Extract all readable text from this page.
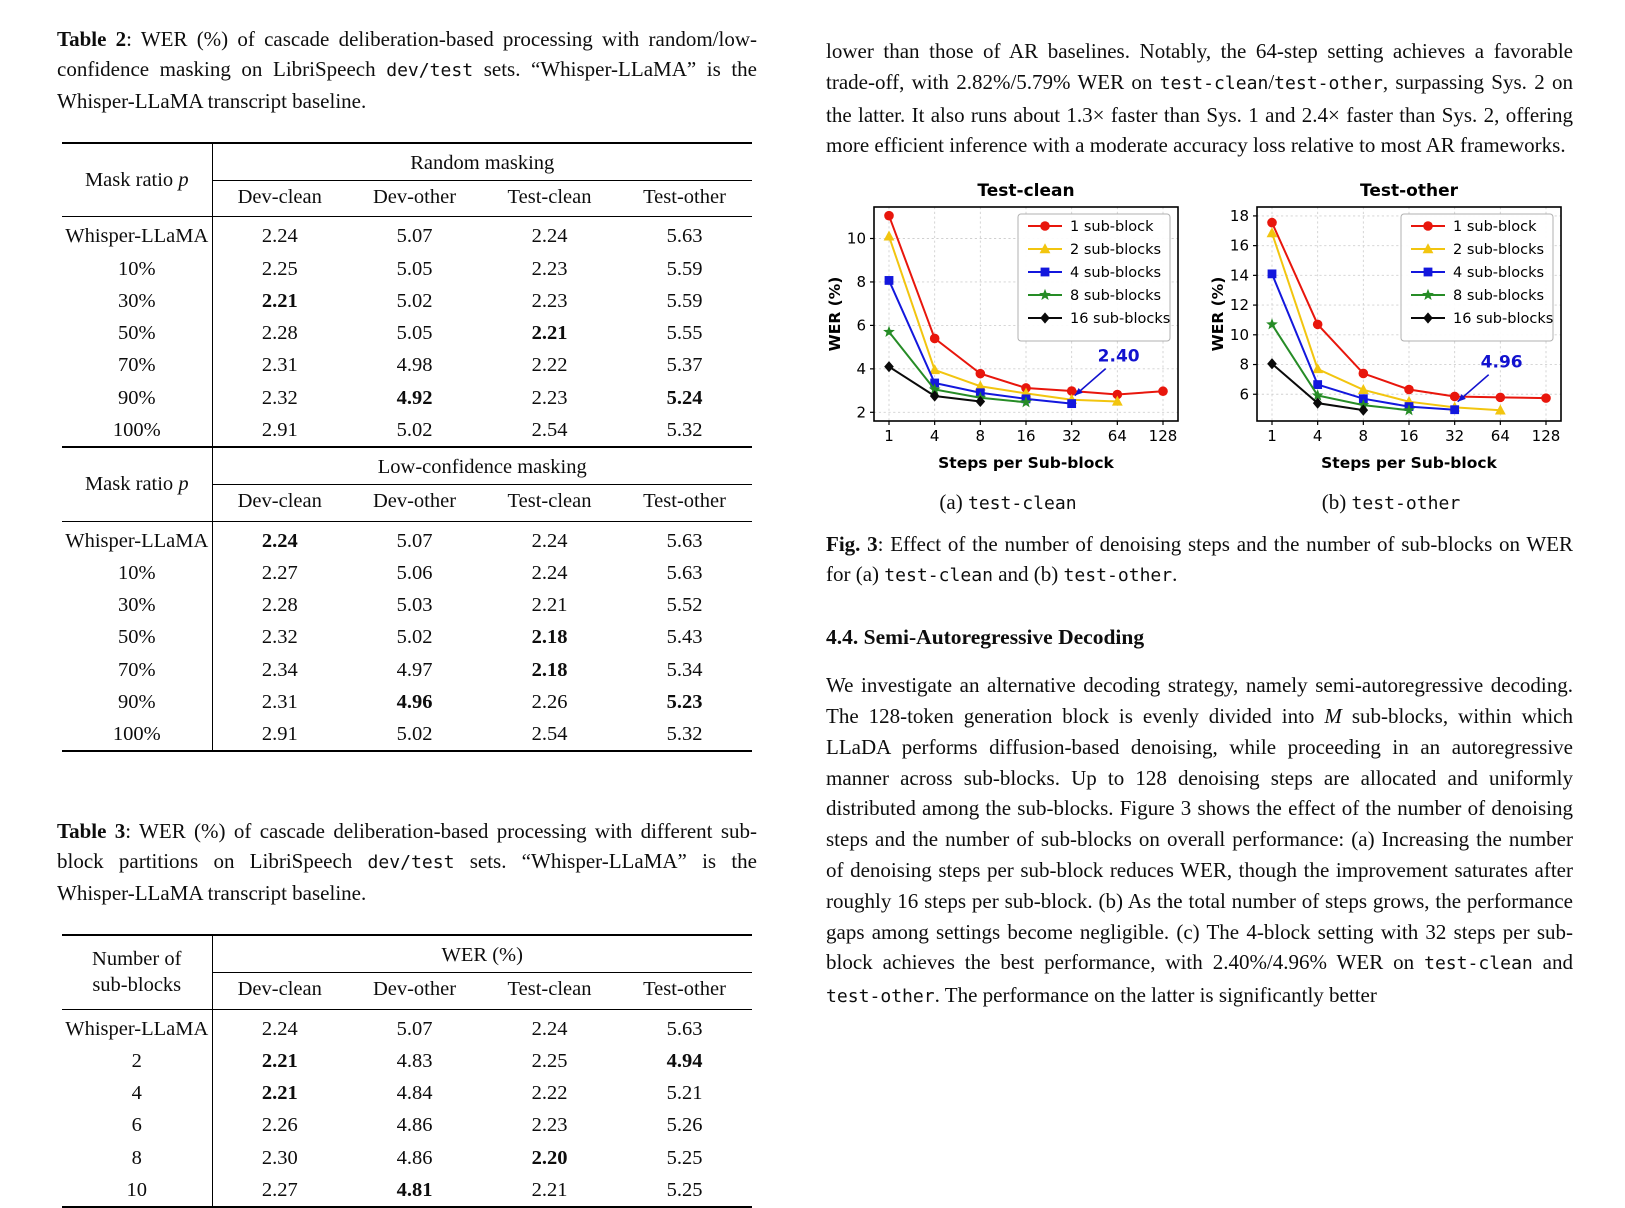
Table 2: WER (%) of cascade deliberation-based processing with random/low-confidence masking on LibriSpeech dev/test sets. “Whisper-LLaMA” is the Whisper-LLaMA transcript baseline.

Mask ratio p	Random masking			
	Dev-clean	Dev-other	Test-clean	Test-other
Whisper-LLaMA	2.24	5.07	2.24	5.63
10%	2.25	5.05	2.23	5.59
30%	2.21	5.02	2.23	5.59
50%	2.28	5.05	2.21	5.55
70%	2.31	4.98	2.22	5.37
90%	2.32	4.92	2.23	5.24
100%	2.91	5.02	2.54	5.32
Mask ratio p	Low-confidence masking			
	Dev-clean	Dev-other	Test-clean	Test-other
Whisper-LLaMA	2.24	5.07	2.24	5.63
10%	2.27	5.06	2.24	5.63
30%	2.28	5.03	2.21	5.52
50%	2.32	5.02	2.18	5.43
70%	2.34	4.97	2.18	5.34
90%	2.31	4.96	2.26	5.23
100%	2.91	5.02	2.54	5.32

Table 3: WER (%) of cascade deliberation-based processing with different sub-block partitions on LibriSpeech dev/test sets. “Whisper-LLaMA” is the Whisper-LLaMA transcript baseline.

Number of
sub-blocks	WER (%)			
	Dev-clean	Dev-other	Test-clean	Test-other
Whisper-LLaMA	2.24	5.07	2.24	5.63
2	2.21	4.83	2.25	4.94
4	2.21	4.84	2.22	5.21
6	2.26	4.86	2.23	5.26
8	2.30	4.86	2.20	5.25
10	2.27	4.81	2.21	5.25

lower than those of AR baselines. Notably, the 64-step setting achieves a favorable trade-off, with 2.82%/5.79% WER on test-clean/test-other, surpassing Sys. 2 on the latter. It also runs about 1.3× faster than Sys. 1 and 2.4× faster than Sys. 2, offering more efficient inference with a moderate accuracy loss relative to most AR frameworks.

1 4 8 16 32 64 128
2
4
6
8
10
Test-clean
Steps per Sub-block
WER (%)
1 sub-block
2 sub-blocks
4 sub-blocks
8 sub-blocks
16 sub-blocks
2.40
(a) test-clean
1 4 8 16 32 64 128
6
8
10
12
14
16
18
Test-other
Steps per Sub-block
WER (%)
1 sub-block
2 sub-blocks
4 sub-blocks
8 sub-blocks
16 sub-blocks
4.96
(b) test-other

Fig. 3: Effect of the number of denoising steps and the number of sub-blocks on WER for (a) test-clean and (b) test-other.

4.4. Semi-Autoregressive Decoding

We investigate an alternative decoding strategy, namely semi-autoregressive decoding. The 128-token generation block is evenly divided into M sub-blocks, within which LLaDA performs diffusion-based denoising, while proceeding in an autoregressive manner across sub-blocks. Up to 128 denoising steps are allocated and uniformly distributed among the sub-blocks. Figure 3 shows the effect of the number of denoising steps and the number of sub-blocks on overall performance: (a) Increasing the number of denoising steps per sub-block reduces WER, though the improvement saturates after roughly 16 steps per sub-block. (b) As the total number of steps grows, the performance gaps among settings become negligible. (c) The 4-block setting with 32 steps per sub-block achieves the best performance, with 2.40%/4.96% WER on test-clean and test-other. The performance on the latter is significantly better
